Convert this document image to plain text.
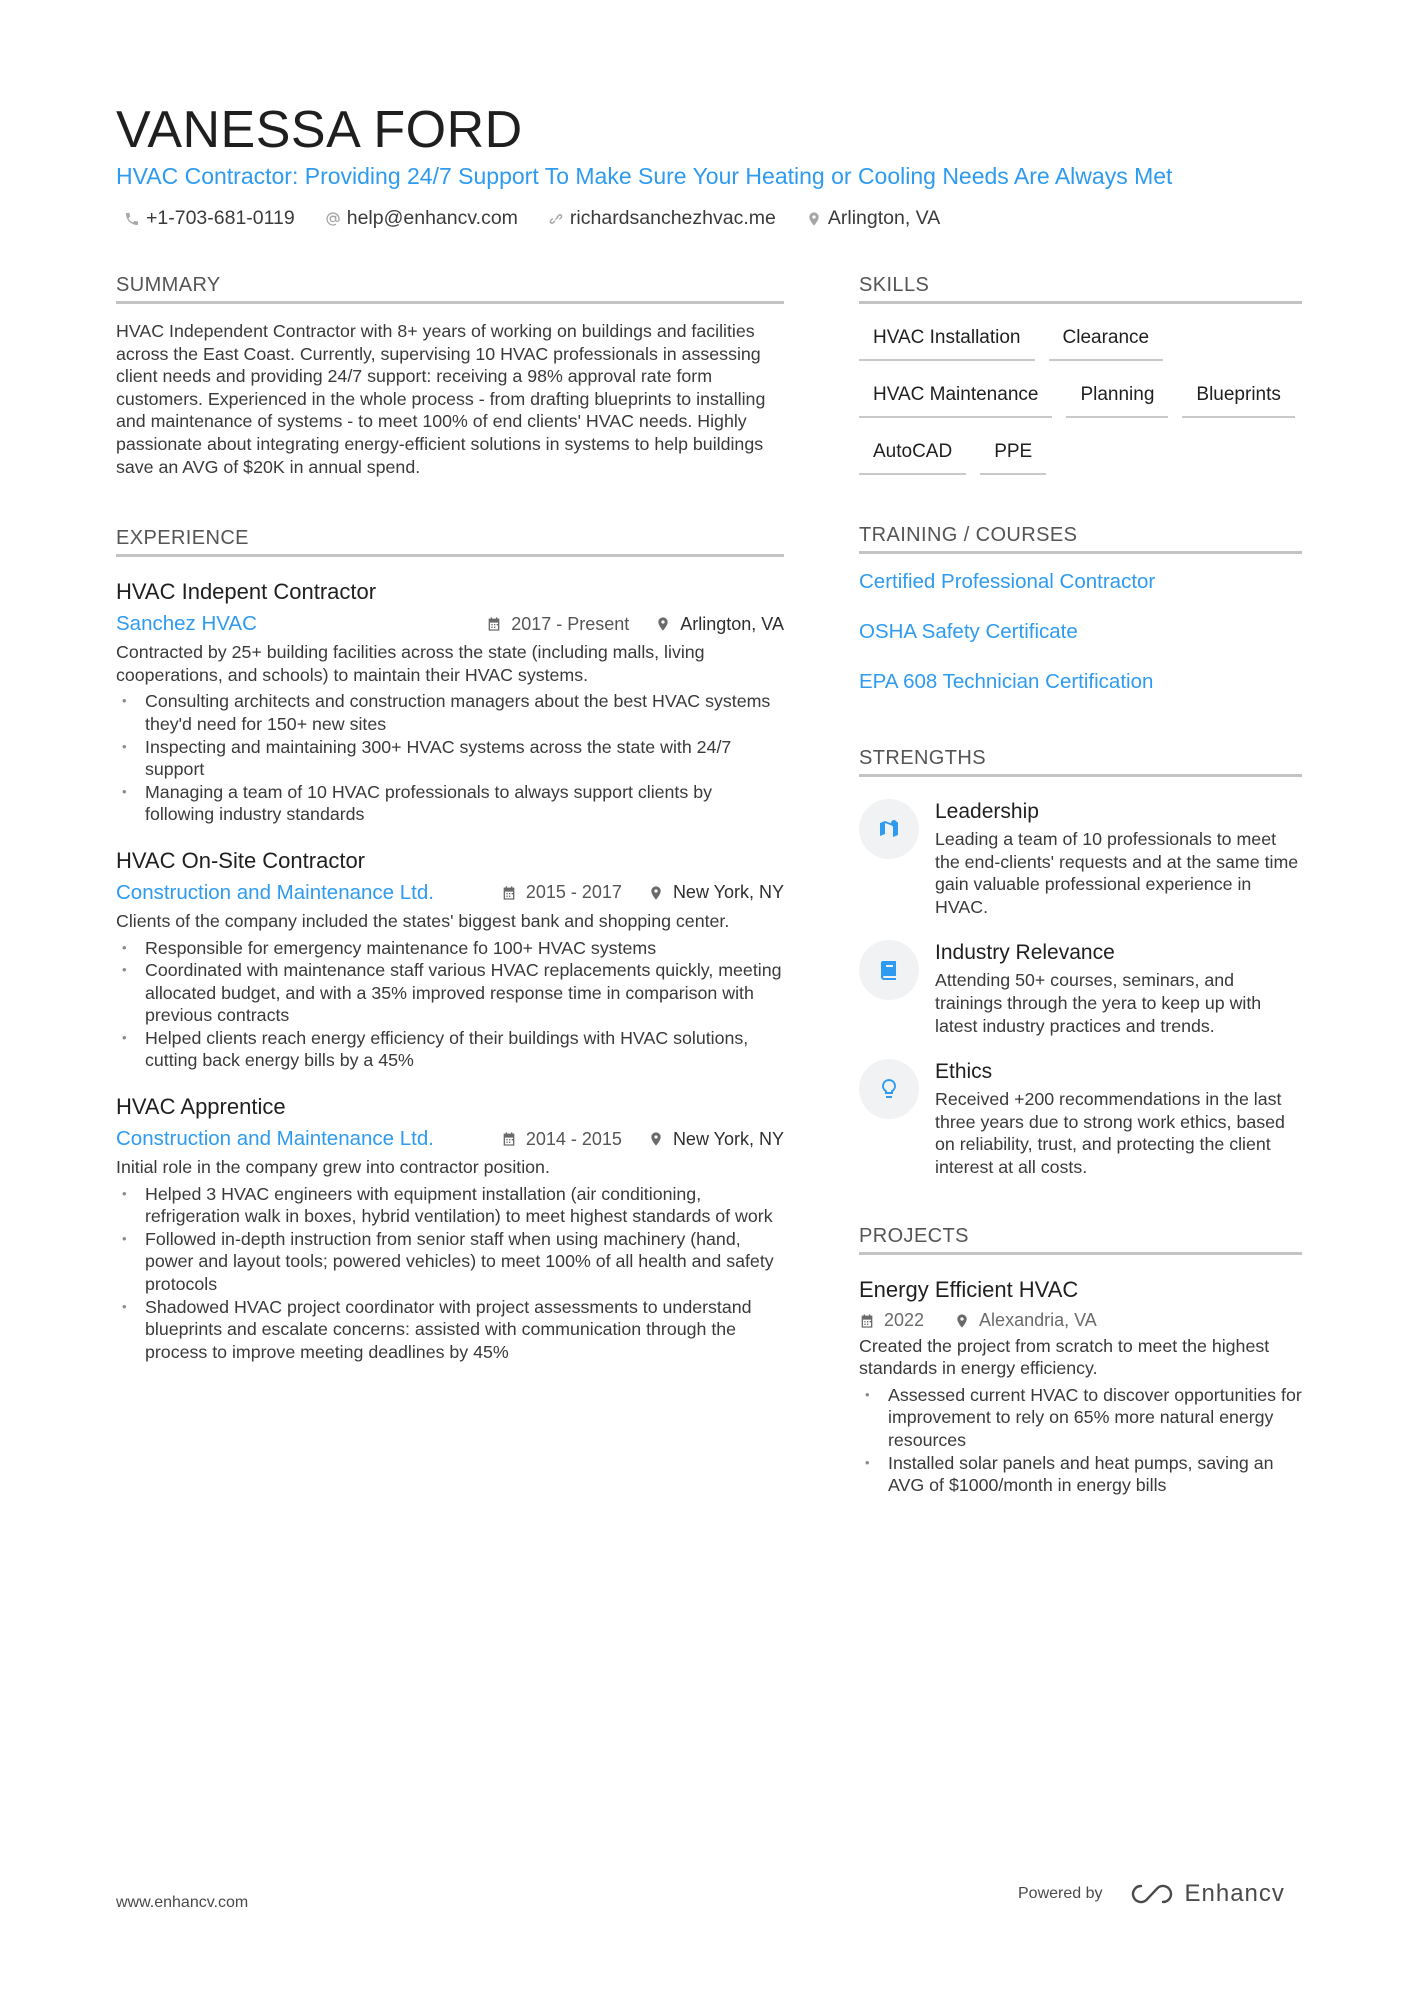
VANESSA FORD
HVAC Contractor: Providing 24/7 Support To Make Sure Your Heating or Cooling Needs Are Always Met
+1-703-681-0119	help@enhancv.com	richardsanchezhvac.me	Arlington, VA
SUMMARY
HVAC Independent Contractor with 8+ years of working on buildings and facilities across the East Coast. Currently, supervising 10 HVAC professionals in assessing client needs and providing 24/7 support: receiving a 98% approval rate form customers. Experienced in the whole process - from drafting blueprints to installing and maintenance of systems - to meet 100% of end clients' HVAC needs. Highly passionate about integrating energy-efficient solutions in systems to help buildings save an AVG of $20K in annual spend.
EXPERIENCE
HVAC Indepent Contractor
Sanchez HVAC	2017 - Present	Arlington, VA
Contracted by 25+ building facilities across the state (including malls, living cooperations, and schools) to maintain their HVAC systems.
• Consulting architects and construction managers about the best HVAC systems they'd need for 150+ new sites
• Inspecting and maintaining 300+ HVAC systems across the state with 24/7 support
• Managing a team of 10 HVAC professionals to always support clients by following industry standards
HVAC On-Site Contractor
Construction and Maintenance Ltd.	2015 - 2017	New York, NY
Clients of the company included the states' biggest bank and shopping center.
• Responsible for emergency maintenance fo 100+ HVAC systems
• Coordinated with maintenance staff various HVAC replacements quickly, meeting allocated budget, and with a 35% improved response time in comparison with previous contracts
• Helped clients reach energy efficiency of their buildings with HVAC solutions, cutting back energy bills by a 45%
HVAC Apprentice
Construction and Maintenance Ltd.	2014 - 2015	New York, NY
Initial role in the company grew into contractor position.
• Helped 3 HVAC engineers with equipment installation (air conditioning, refrigeration walk in boxes, hybrid ventilation) to meet highest standards of work
• Followed in-depth instruction from senior staff when using machinery (hand, power and layout tools; powered vehicles) to meet 100% of all health and safety protocols
• Shadowed HVAC project coordinator with project assessments to understand blueprints and escalate concerns: assisted with communication through the process to improve meeting deadlines by 45%
SKILLS
HVAC Installation	Clearance
HVAC Maintenance	Planning	Blueprints
AutoCAD	PPE
TRAINING / COURSES
Certified Professional Contractor
OSHA Safety Certificate
EPA 608 Technician Certification
STRENGTHS
Leadership
Leading a team of 10 professionals to meet the end-clients' requests and at the same time gain valuable professional experience in HVAC.
Industry Relevance
Attending 50+ courses, seminars, and trainings through the yera to keep up with latest industry practices and trends.
Ethics
Received +200 recommendations in the last three years due to strong work ethics, based on reliability, trust, and protecting the client interest at all costs.
PROJECTS
Energy Efficient HVAC
2022	Alexandria, VA
Created the project from scratch to meet the highest standards in energy efficiency.
• Assessed current HVAC to discover opportunities for improvement to rely on 65% more natural energy resources
• Installed solar panels and heat pumps, saving an AVG of $1000/month in energy bills
www.enhancv.com
Powered by	Enhancv
